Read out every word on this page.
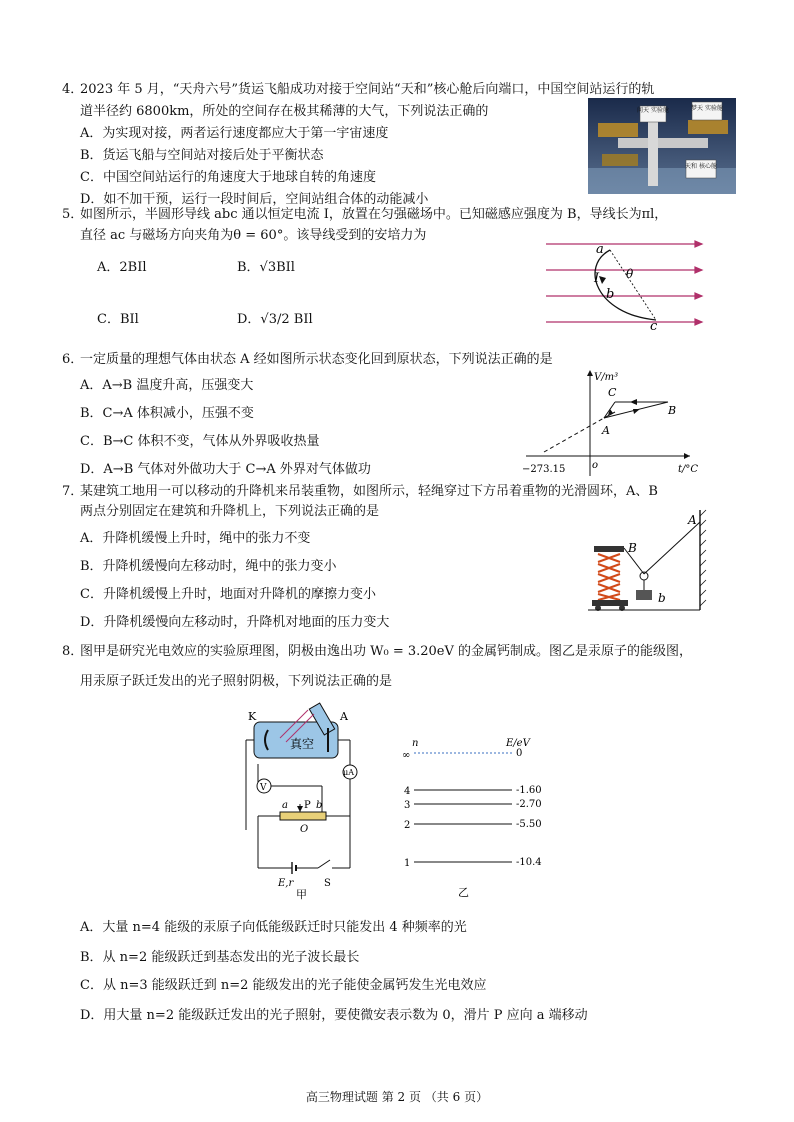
4．
2023 年 5 月，“天舟六号”货运飞船成功对接于空间站“天和”核心舱后向端口，中国空间站运行的轨
道半径约 6800km，所处的空间存在极其稀薄的大气，下列说法正确的
A．为实现对接，两者运行速度都应大于第一宇宙速度
B．货运飞船与空间站对接后处于平衡状态
C．中国空间站运行的角速度大于地球自转的角速度
D．如不加干预，运行一段时间后，空间站组合体的动能减小
问天 实验舱	梦天 实验舱
天和 核心舱
5．
如图所示，半圆形导线 abc 通以恒定电流 I，放置在匀强磁场中。已知磁感应强度为 B，导线长为πl，
直径 ac 与磁场方向夹角为θ = 60°。该导线受到的安培力为
A．2BIl	B．√3BIl
C．BIl	D．√3/2 BIl
a
b
c
I θ
6．
一定质量的理想气体由状态 A 经如图所示状态变化回到原状态，下列说法正确的是
A．A→B 温度升高，压强变大
B．C→A 体积减小，压强不变
C．B→C 体积不变，气体从外界吸收热量
D．A→B 气体对外做功大于 C→A 外界对气体做功
V/m³
t/°C
o
−273.15
A
B
C
7．
某建筑工地用一可以移动的升降机来吊装重物，如图所示，轻绳穿过下方吊着重物的光滑圆环，A、B
两点分别固定在建筑和升降机上，下列说法正确的是
A．升降机缓慢上升时，绳中的张力不变
B．升降机缓慢向左移动时，绳中的张力变小
C．升降机缓慢上升时，地面对升降机的摩擦力变小
D．升降机缓慢向左移动时，升降机对地面的压力变大
A
B
b
8．
图甲是研究光电效应的实验原理图，阴极由逸出功 W₀ = 3.20eV 的金属钙制成。图乙是汞原子的能级图，
用汞原子跃迁发出的光子照射阴极，下列说法正确的是
K	A
真空
V
μA
a P b
O
E,r	S
甲
n	E/eV
∞	0
4	-1.60
3	-2.70
2	-5.50
1	-10.4
乙
A．大量 n=4 能级的汞原子向低能级跃迁时只能发出 4 种频率的光
B．从 n=2 能级跃迁到基态发出的光子波长最长
C．从 n=3 能级跃迁到 n=2 能级发出的光子能使金属钙发生光电效应
D．用大量 n=2 能级跃迁发出的光子照射，要使微安表示数为 0，滑片 P 应向 a 端移动
高三物理试题 第 2 页 （共 6 页）
